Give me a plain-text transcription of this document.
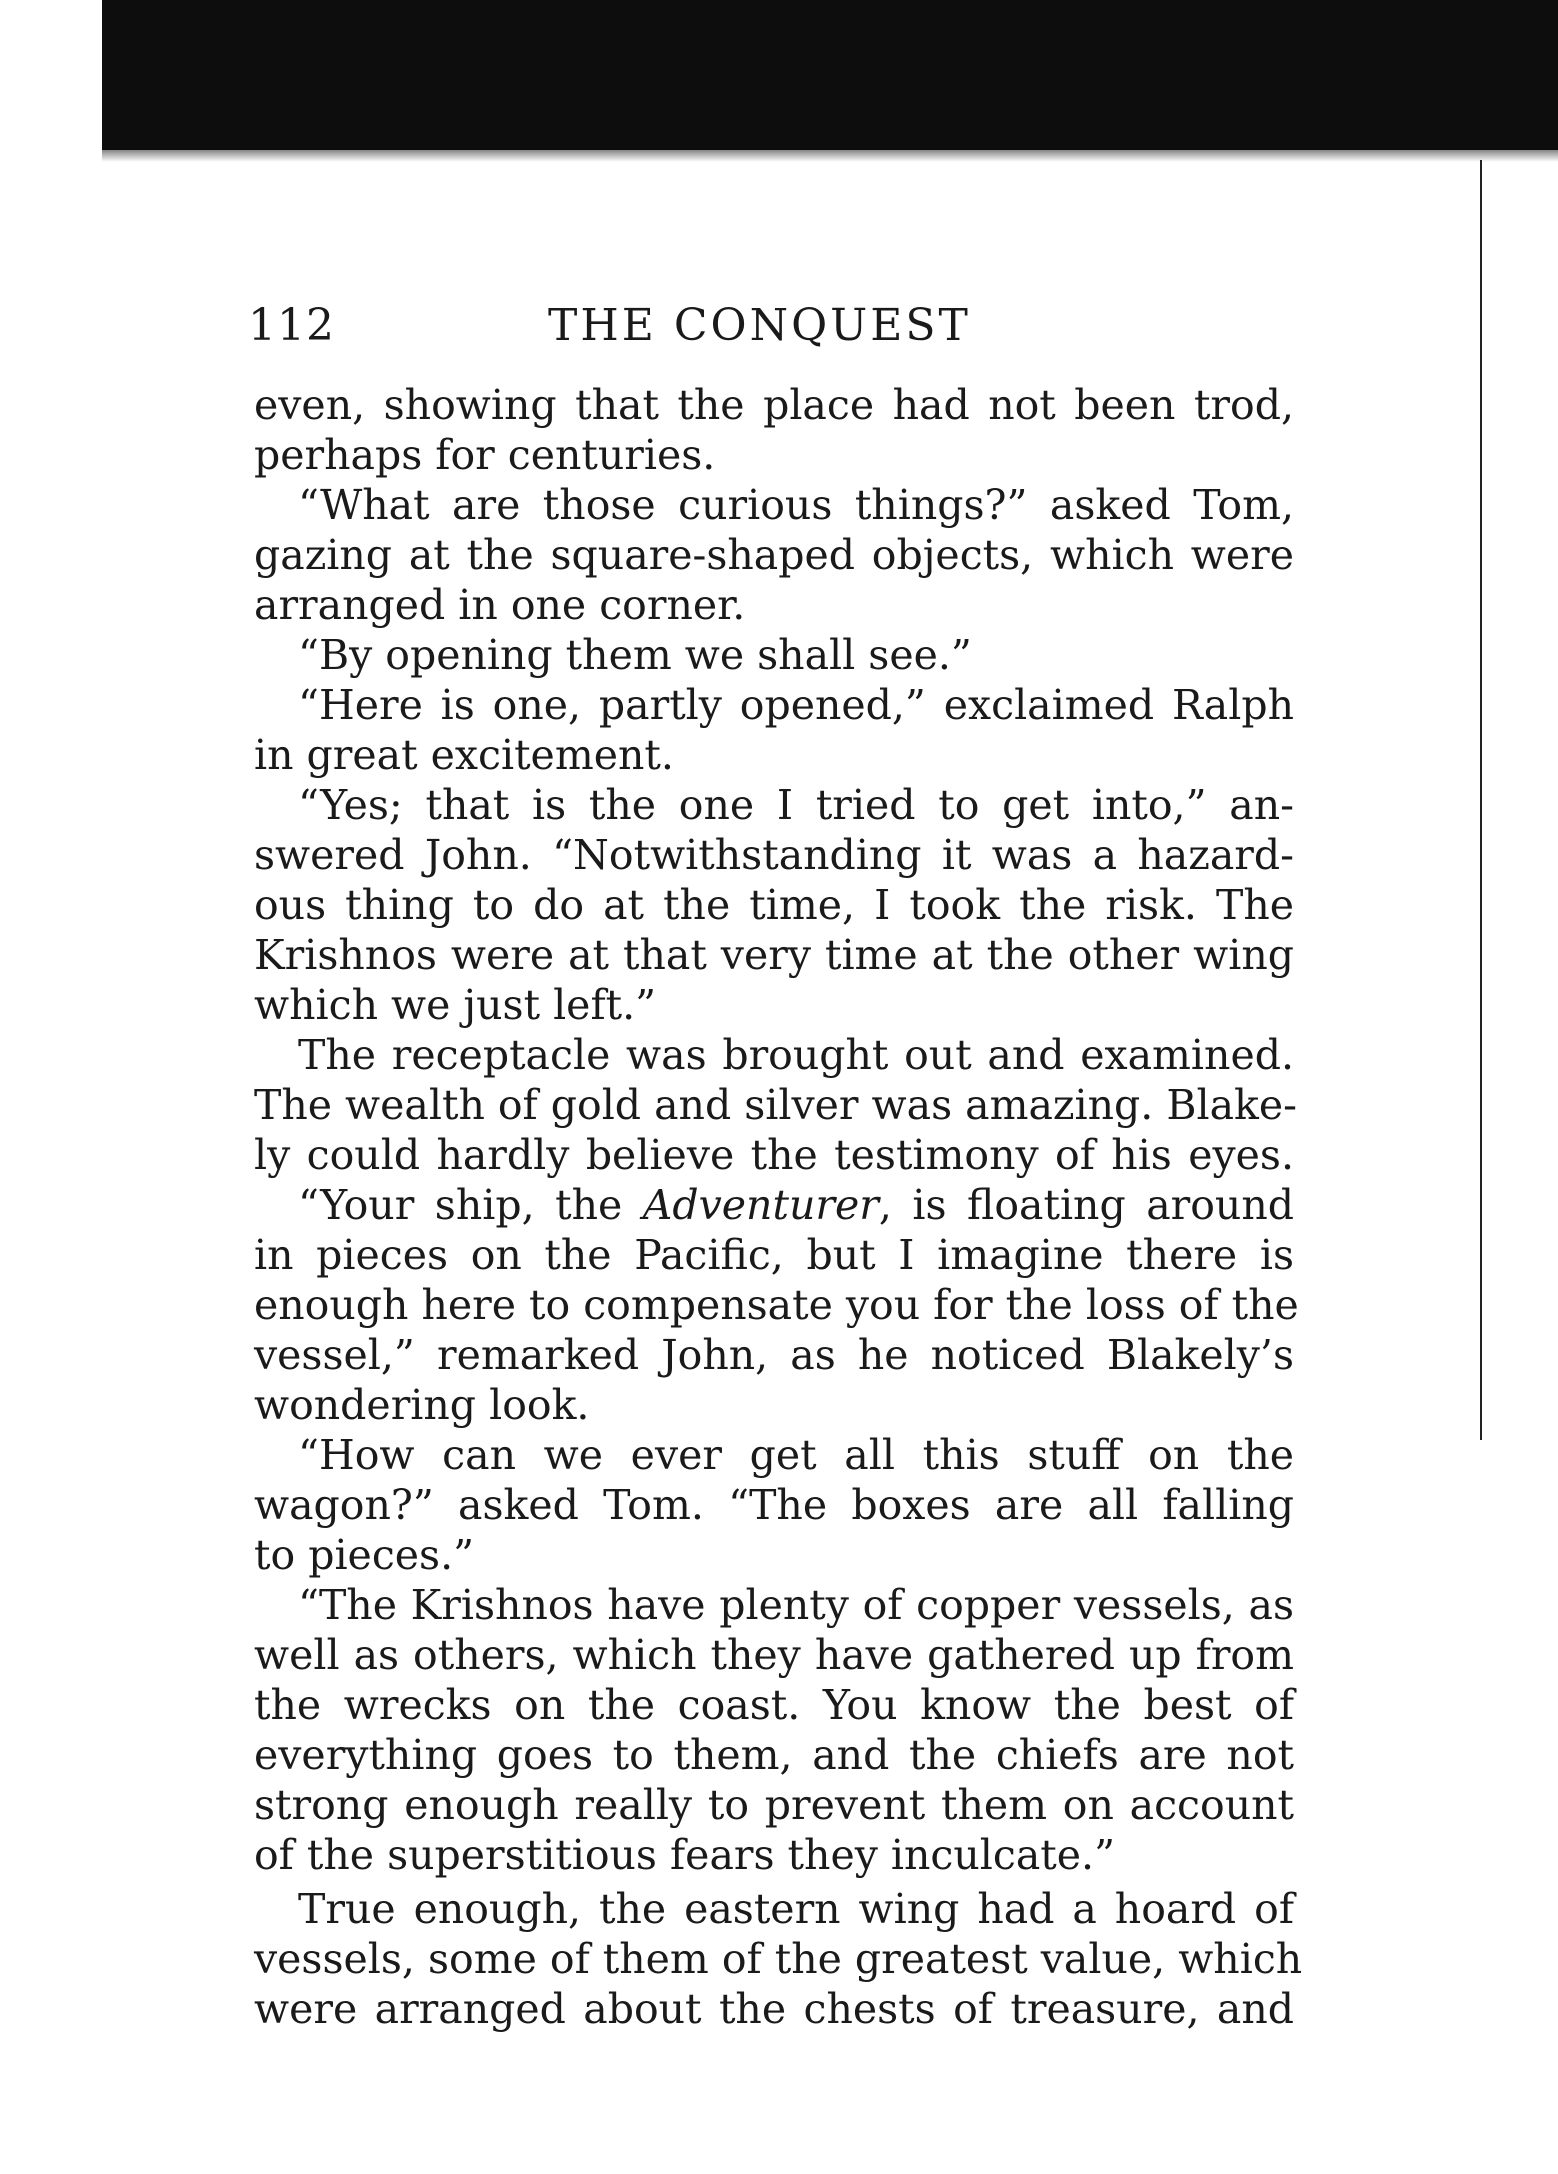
112	THE CONQUEST
even, showing that the place had not been trod,
perhaps for centuries.
“What are those curious things?” asked Tom,
gazing at the square-shaped objects, which were
arranged in one corner.
“By opening them we shall see.”
“Here is one, partly opened,” exclaimed Ralph
in great excitement.
“Yes; that is the one I tried to get into,” an-
swered John. “Notwithstanding it was a hazard-
ous thing to do at the time, I took the risk. The
Krishnos were at that very time at the other wing
which we just left.”
The receptacle was brought out and examined.
The wealth of gold and silver was amazing. Blake-
ly could hardly believe the testimony of his eyes.
“Your ship, the Adventurer, is floating around
in pieces on the Pacific, but I imagine there is
enough here to compensate you for the loss of the
vessel,” remarked John, as he noticed Blakely’s
wondering look.
“How can we ever get all this stuff on the
wagon?” asked Tom. “The boxes are all falling
to pieces.”
“The Krishnos have plenty of copper vessels, as
well as others, which they have gathered up from
the wrecks on the coast. You know the best of
everything goes to them, and the chiefs are not
strong enough really to prevent them on account
of the superstitious fears they inculcate.”
True enough, the eastern wing had a hoard of
vessels, some of them of the greatest value, which
were arranged about the chests of treasure, and
